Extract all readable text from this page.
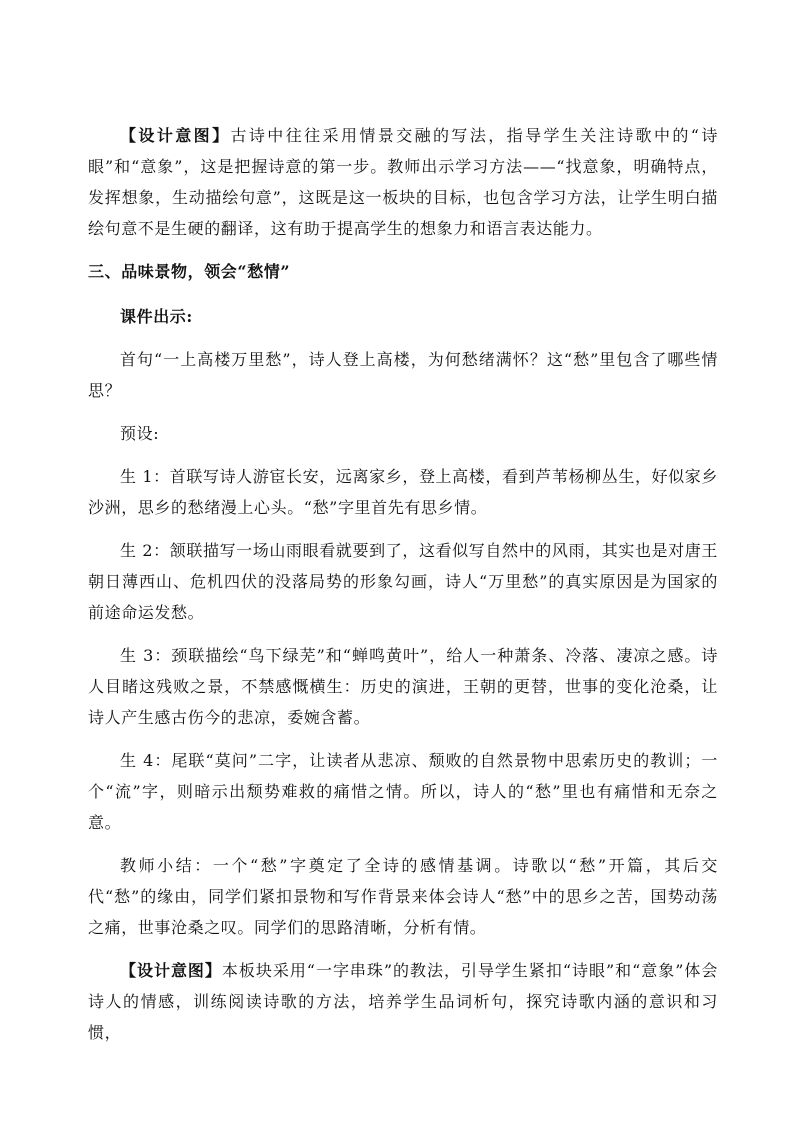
【设计意图】古诗中往往采用情景交融的写法，指导学生关注诗歌中的“诗眼”和“意象”，这是把握诗意的第一步。教师出示学习方法——“找意象，明确特点，发挥想象，生动描绘句意”，这既是这一板块的目标，也包含学习方法，让学生明白描绘句意不是生硬的翻译，这有助于提高学生的想象力和语言表达能力。

三、品味景物，领会“愁情”

课件出示:

首句“一上高楼万里愁”，诗人登上高楼，为何愁绪满怀？这“愁”里包含了哪些情思？

预设:

生 1：首联写诗人游宦长安，远离家乡，登上高楼，看到芦苇杨柳丛生，好似家乡沙洲，思乡的愁绪漫上心头。“愁”字里首先有思乡情。

生 2：颔联描写一场山雨眼看就要到了，这看似写自然中的风雨，其实也是对唐王朝日薄西山、危机四伏的没落局势的形象勾画，诗人“万里愁”的真实原因是为国家的前途命运发愁。

生 3：颈联描绘“鸟下绿芜”和“蝉鸣黄叶”，给人一种萧条、冷落、凄凉之感。诗人目睹这残败之景，不禁感慨横生：历史的演进，王朝的更替，世事的变化沧桑，让诗人产生感古伤今的悲凉，委婉含蓄。

生 4：尾联“莫问”二字，让读者从悲凉、颓败的自然景物中思索历史的教训；一个“流”字，则暗示出颓势难救的痛惜之情。所以，诗人的“愁”里也有痛惜和无奈之意。

教师小结：一个“愁”字奠定了全诗的感情基调。诗歌以“愁”开篇，其后交代“愁”的缘由，同学们紧扣景物和写作背景来体会诗人“愁”中的思乡之苦，国势动荡之痛，世事沧桑之叹。同学们的思路清晰，分析有情。

【设计意图】本板块采用“一字串珠”的教法，引导学生紧扣“诗眼”和“意象”体会诗人的情感，训练阅读诗歌的方法，培养学生品词析句，探究诗歌内涵的意识和习惯，
